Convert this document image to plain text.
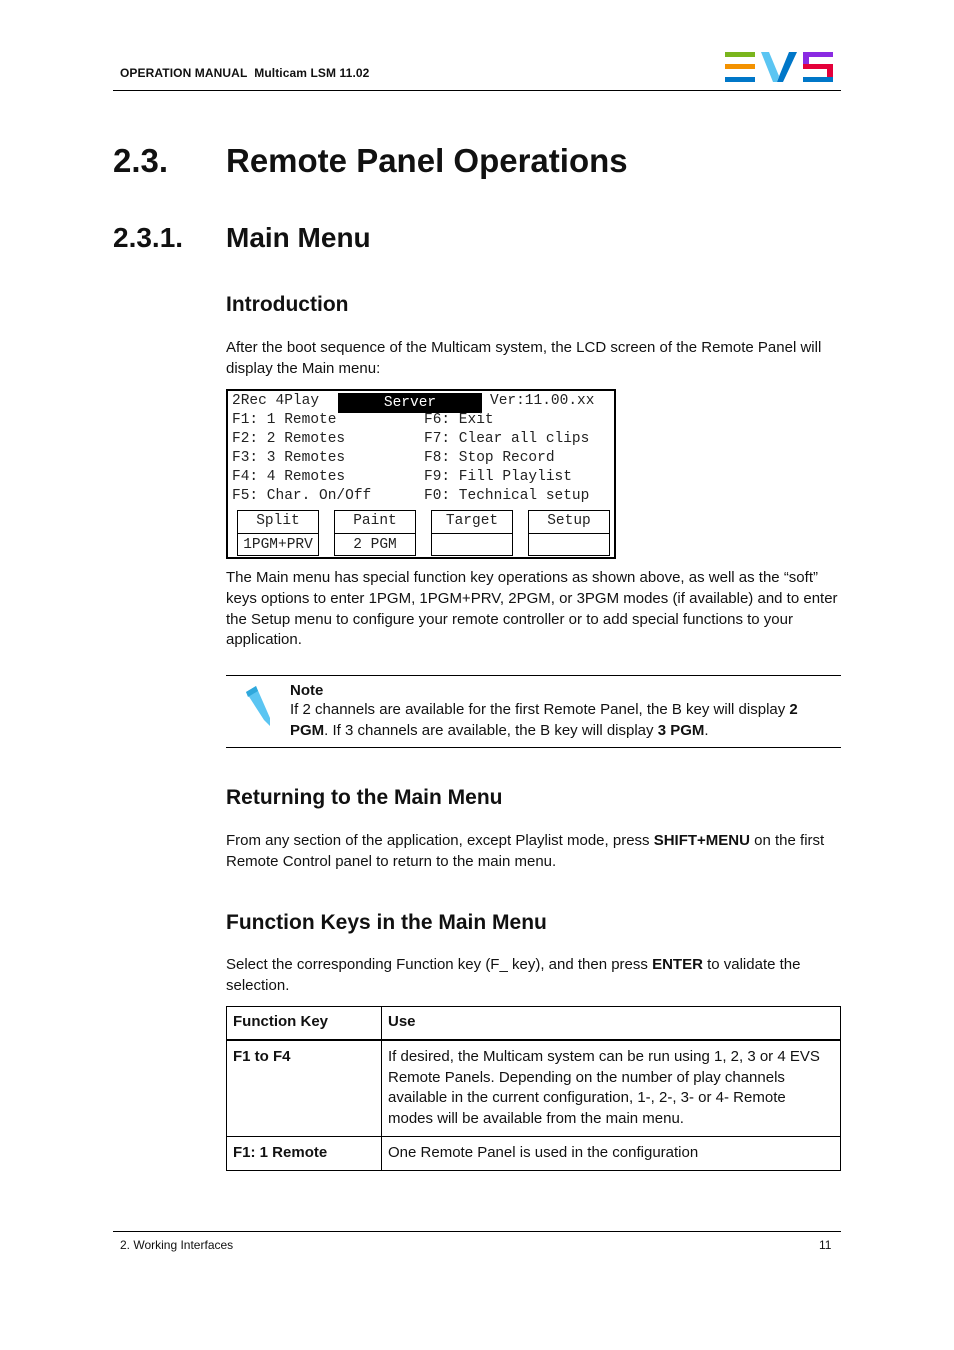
OPERATION MANUAL Multicam LSM 11.02
2.3. Remote Panel Operations
2.3.1. Main Menu
Introduction
After the boot sequence of the Multicam system, the LCD screen of the Remote Panel will display the Main menu:
2Rec 4Play	Server	Ver:11.00.xx
F1: 1 Remote
F2: 2 Remotes
F3: 3 Remotes
F4: 4 Remotes
F5: Char. On/Off
F6: Exit
F7: Clear all clips
F8: Stop Record
F9: Fill Playlist
F0: Technical setup
Split
1PGM+PRV
Paint
2 PGM
Target	Setup
The Main menu has special function key operations as shown above, as well as the “soft” keys options to enter 1PGM, 1PGM+PRV, 2PGM, or 3PGM modes (if available) and to enter the Setup menu to configure your remote controller or to add special functions to your application.
Note
If 2 channels are available for the first Remote Panel, the B key will display 2 PGM. If 3 channels are available, the B key will display 3 PGM.
Returning to the Main Menu
From any section of the application, except Playlist mode, press SHIFT+MENU on the first Remote Control panel to return to the main menu.
Function Keys in the Main Menu
Select the corresponding Function key (F_ key), and then press ENTER to validate the selection.
Function Key	Use
F1 to F4	If desired, the Multicam system can be run using 1, 2, 3 or 4 EVS Remote Panels. Depending on the number of play channels available in the current configuration, 1-, 2-, 3- or 4- Remote modes will be available from the main menu.
F1: 1 Remote	One Remote Panel is used in the configuration
2. Working Interfaces	11
